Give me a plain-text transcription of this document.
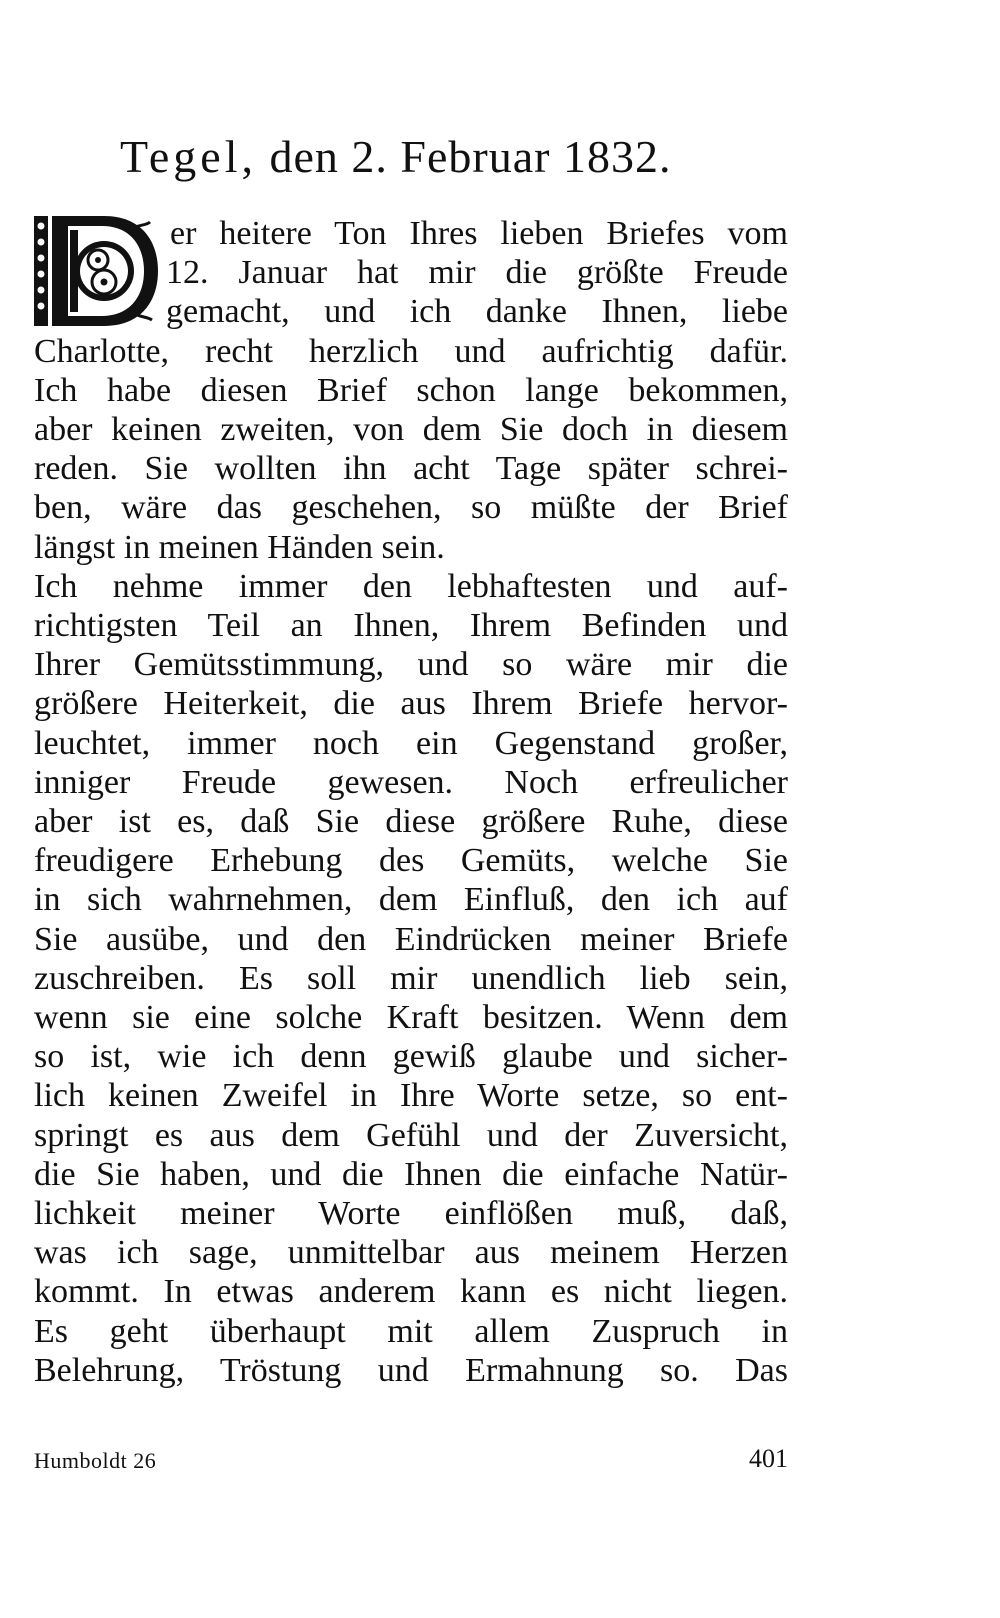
Tegel, den 2. Februar 1832.
er heitere Ton Ihres lieben Briefes vom
12. Januar hat mir die größte Freude
gemacht, und ich danke Ihnen, liebe
Charlotte, recht herzlich und aufrichtig dafür.
Ich habe diesen Brief schon lange bekommen,
aber keinen zweiten, von dem Sie doch in diesem
reden. Sie wollten ihn acht Tage später schrei-
ben, wäre das geschehen, so müßte der Brief
längst in meinen Händen sein.
Ich nehme immer den lebhaftesten und auf-
richtigsten Teil an Ihnen, Ihrem Befinden und
Ihrer Gemütsstimmung, und so wäre mir die
größere Heiterkeit, die aus Ihrem Briefe hervor-
leuchtet, immer noch ein Gegenstand großer,
inniger Freude gewesen. Noch erfreulicher
aber ist es, daß Sie diese größere Ruhe, diese
freudigere Erhebung des Gemüts, welche Sie
in sich wahrnehmen, dem Einfluß, den ich auf
Sie ausübe, und den Eindrücken meiner Briefe
zuschreiben. Es soll mir unendlich lieb sein,
wenn sie eine solche Kraft besitzen. Wenn dem
so ist, wie ich denn gewiß glaube und sicher-
lich keinen Zweifel in Ihre Worte setze, so ent-
springt es aus dem Gefühl und der Zuversicht,
die Sie haben, und die Ihnen die einfache Natür-
lichkeit meiner Worte einflößen muß, daß,
was ich sage, unmittelbar aus meinem Herzen
kommt. In etwas anderem kann es nicht liegen.
Es geht überhaupt mit allem Zuspruch in
Belehrung, Tröstung und Ermahnung so. Das
Humboldt 26	401
